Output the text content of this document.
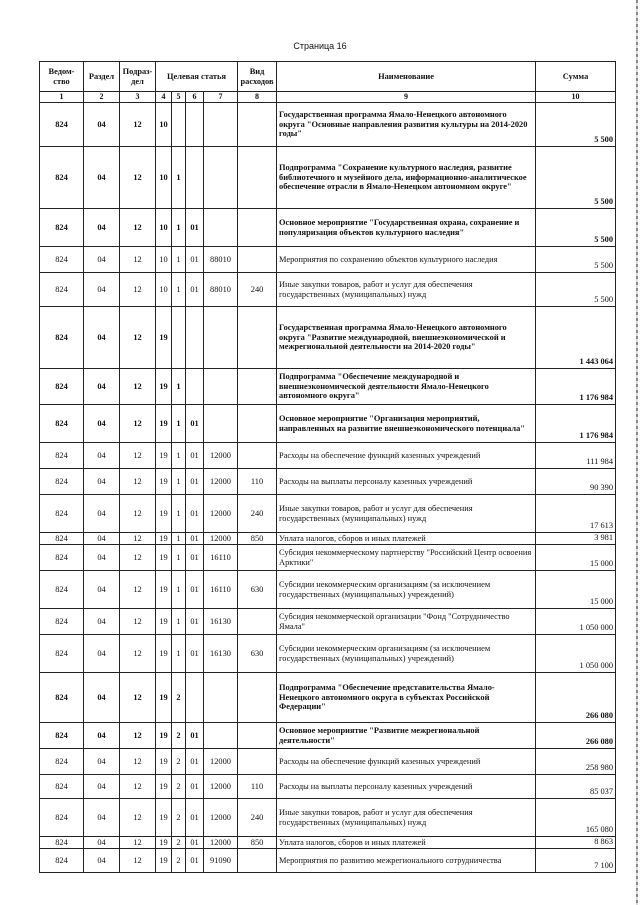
Страница 16
Ведом-ство	Раздел	Подраз-дел	Целевая статья				Вид расходов	Наименование	Сумма
1	2	3	4	5	6	7	8	9	10
824	04	12	10					Государственная программа Ямало-Ненецкого автономного округа "Основные направления развития культуры на 2014-2020 годы"	5 500
824	04	12	10	1				Подпрограмма "Сохранение культурного наследия, развитие библиотечного и музейного дела, информационно-аналитическое обеспечение отрасли в Ямало-Ненецком автономном округе"	5 500
824	04	12	10	1	01			Основное мероприятие "Государственная охрана, сохранение и популяризация объектов культурного наследия"	5 500
824	04	12	10	1	01	88010		Мероприятия по сохранению объектов культурного наследия	5 500
824	04	12	10	1	01	88010	240	Иные закупки товаров, работ и услуг для обеспечения государственных (муниципальных) нужд	5 500
824	04	12	19					Государственная программа Ямало-Ненецкого автономного округа "Развитие международной, внешнеэкономической и межрегиональной деятельности на 2014-2020 годы"	1 443 064
824	04	12	19	1				Подпрограмма "Обеспечение международной и внешнеэкономической деятельности Ямало-Ненецкого автономного округа"	1 176 984
824	04	12	19	1	01			Основное мероприятие "Организация мероприятий, направленных на развитие внешнеэкономического потенциала"	1 176 984
824	04	12	19	1	01	12000		Расходы на обеспечение функций казенных учреждений	111 984
824	04	12	19	1	01	12000	110	Расходы на выплаты персоналу казенных учреждений	90 390
824	04	12	19	1	01	12000	240	Иные закупки товаров, работ и услуг для обеспечения государственных (муниципальных) нужд	17 613
824	04	12	19	1	01	12000	850	Уплата налогов, сборов и иных платежей	3 981
824	04	12	19	1	01	16110		Субсидия некоммерческому партнерству "Российский Центр освоения Арктики"	15 000
824	04	12	19	1	01	16110	630	Субсидии некоммерческим организациям (за исключением государственных (муниципальных) учреждений)	15 000
824	04	12	19	1	01	16130		Субсидия некоммерческой организации "Фонд "Сотрудничество Ямала"	1 050 000
824	04	12	19	1	01	16130	630	Субсидии некоммерческим организациям (за исключением государственных (муниципальных) учреждений)	1 050 000
824	04	12	19	2				Подпрограмма "Обеспечение представительства Ямало-Ненецкого автономного округа в субъектах Российской Федерации"	266 080
824	04	12	19	2	01			Основное мероприятие "Развитие межрегиональной деятельности"	266 080
824	04	12	19	2	01	12000		Расходы на обеспечение функций казенных учреждений	258 980
824	04	12	19	2	01	12000	110	Расходы на выплаты персоналу казенных учреждений	85 037
824	04	12	19	2	01	12000	240	Иные закупки товаров, работ и услуг для обеспечения государственных (муниципальных) нужд	165 080
824	04	12	19	2	01	12000	850	Уплата налогов, сборов и иных платежей	8 863
824	04	12	19	2	01	91090		Мероприятия по развитию межрегионального сотрудничества	7 100
